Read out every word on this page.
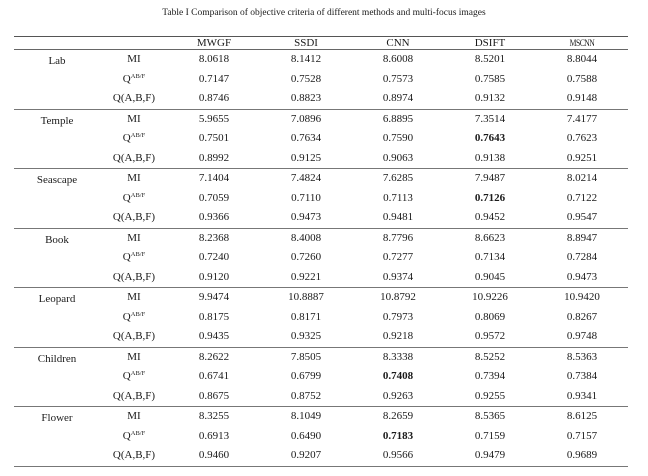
Table I Comparison of objective criteria of different methods and multi-focus images
		MWGF	SSDI	CNN	DSIFT	MSCNN
Lab	MI	8.0618	8.1412	8.6008	8.5201	8.8044
	$Q^{AB/F}$	0.7147	0.7528	0.7573	0.7585	0.7588
	Q(A,B,F)	0.8746	0.8823	0.8974	0.9132	0.9148
Temple	MI	5.9655	7.0896	6.8895	7.3514	7.4177
	$Q^{AB/F}$	0.7501	0.7634	0.7590	0.7643	0.7623
	Q(A,B,F)	0.8992	0.9125	0.9063	0.9138	0.9251
Seascape	MI	7.1404	7.4824	7.6285	7.9487	8.0214
	$Q^{AB/F}$	0.7059	0.7110	0.7113	0.7126	0.7122
	Q(A,B,F)	0.9366	0.9473	0.9481	0.9452	0.9547
Book	MI	8.2368	8.4008	8.7796	8.6623	8.8947
	$Q^{AB/F}$	0.7240	0.7260	0.7277	0.7134	0.7284
	Q(A,B,F)	0.9120	0.9221	0.9374	0.9045	0.9473
Leopard	MI	9.9474	10.8887	10.8792	10.9226	10.9420
	$Q^{AB/F}$	0.8175	0.8171	0.7973	0.8069	0.8267
	Q(A,B,F)	0.9435	0.9325	0.9218	0.9572	0.9748
Children	MI	8.2622	7.8505	8.3338	8.5252	8.5363
	$Q^{AB/F}$	0.6741	0.6799	0.7408	0.7394	0.7384
	Q(A,B,F)	0.8675	0.8752	0.9263	0.9255	0.9341
Flower	MI	8.3255	8.1049	8.2659	8.5365	8.6125
	$Q^{AB/F}$	0.6913	0.6490	0.7183	0.7159	0.7157
	Q(A,B,F)	0.9460	0.9207	0.9566	0.9479	0.9689
